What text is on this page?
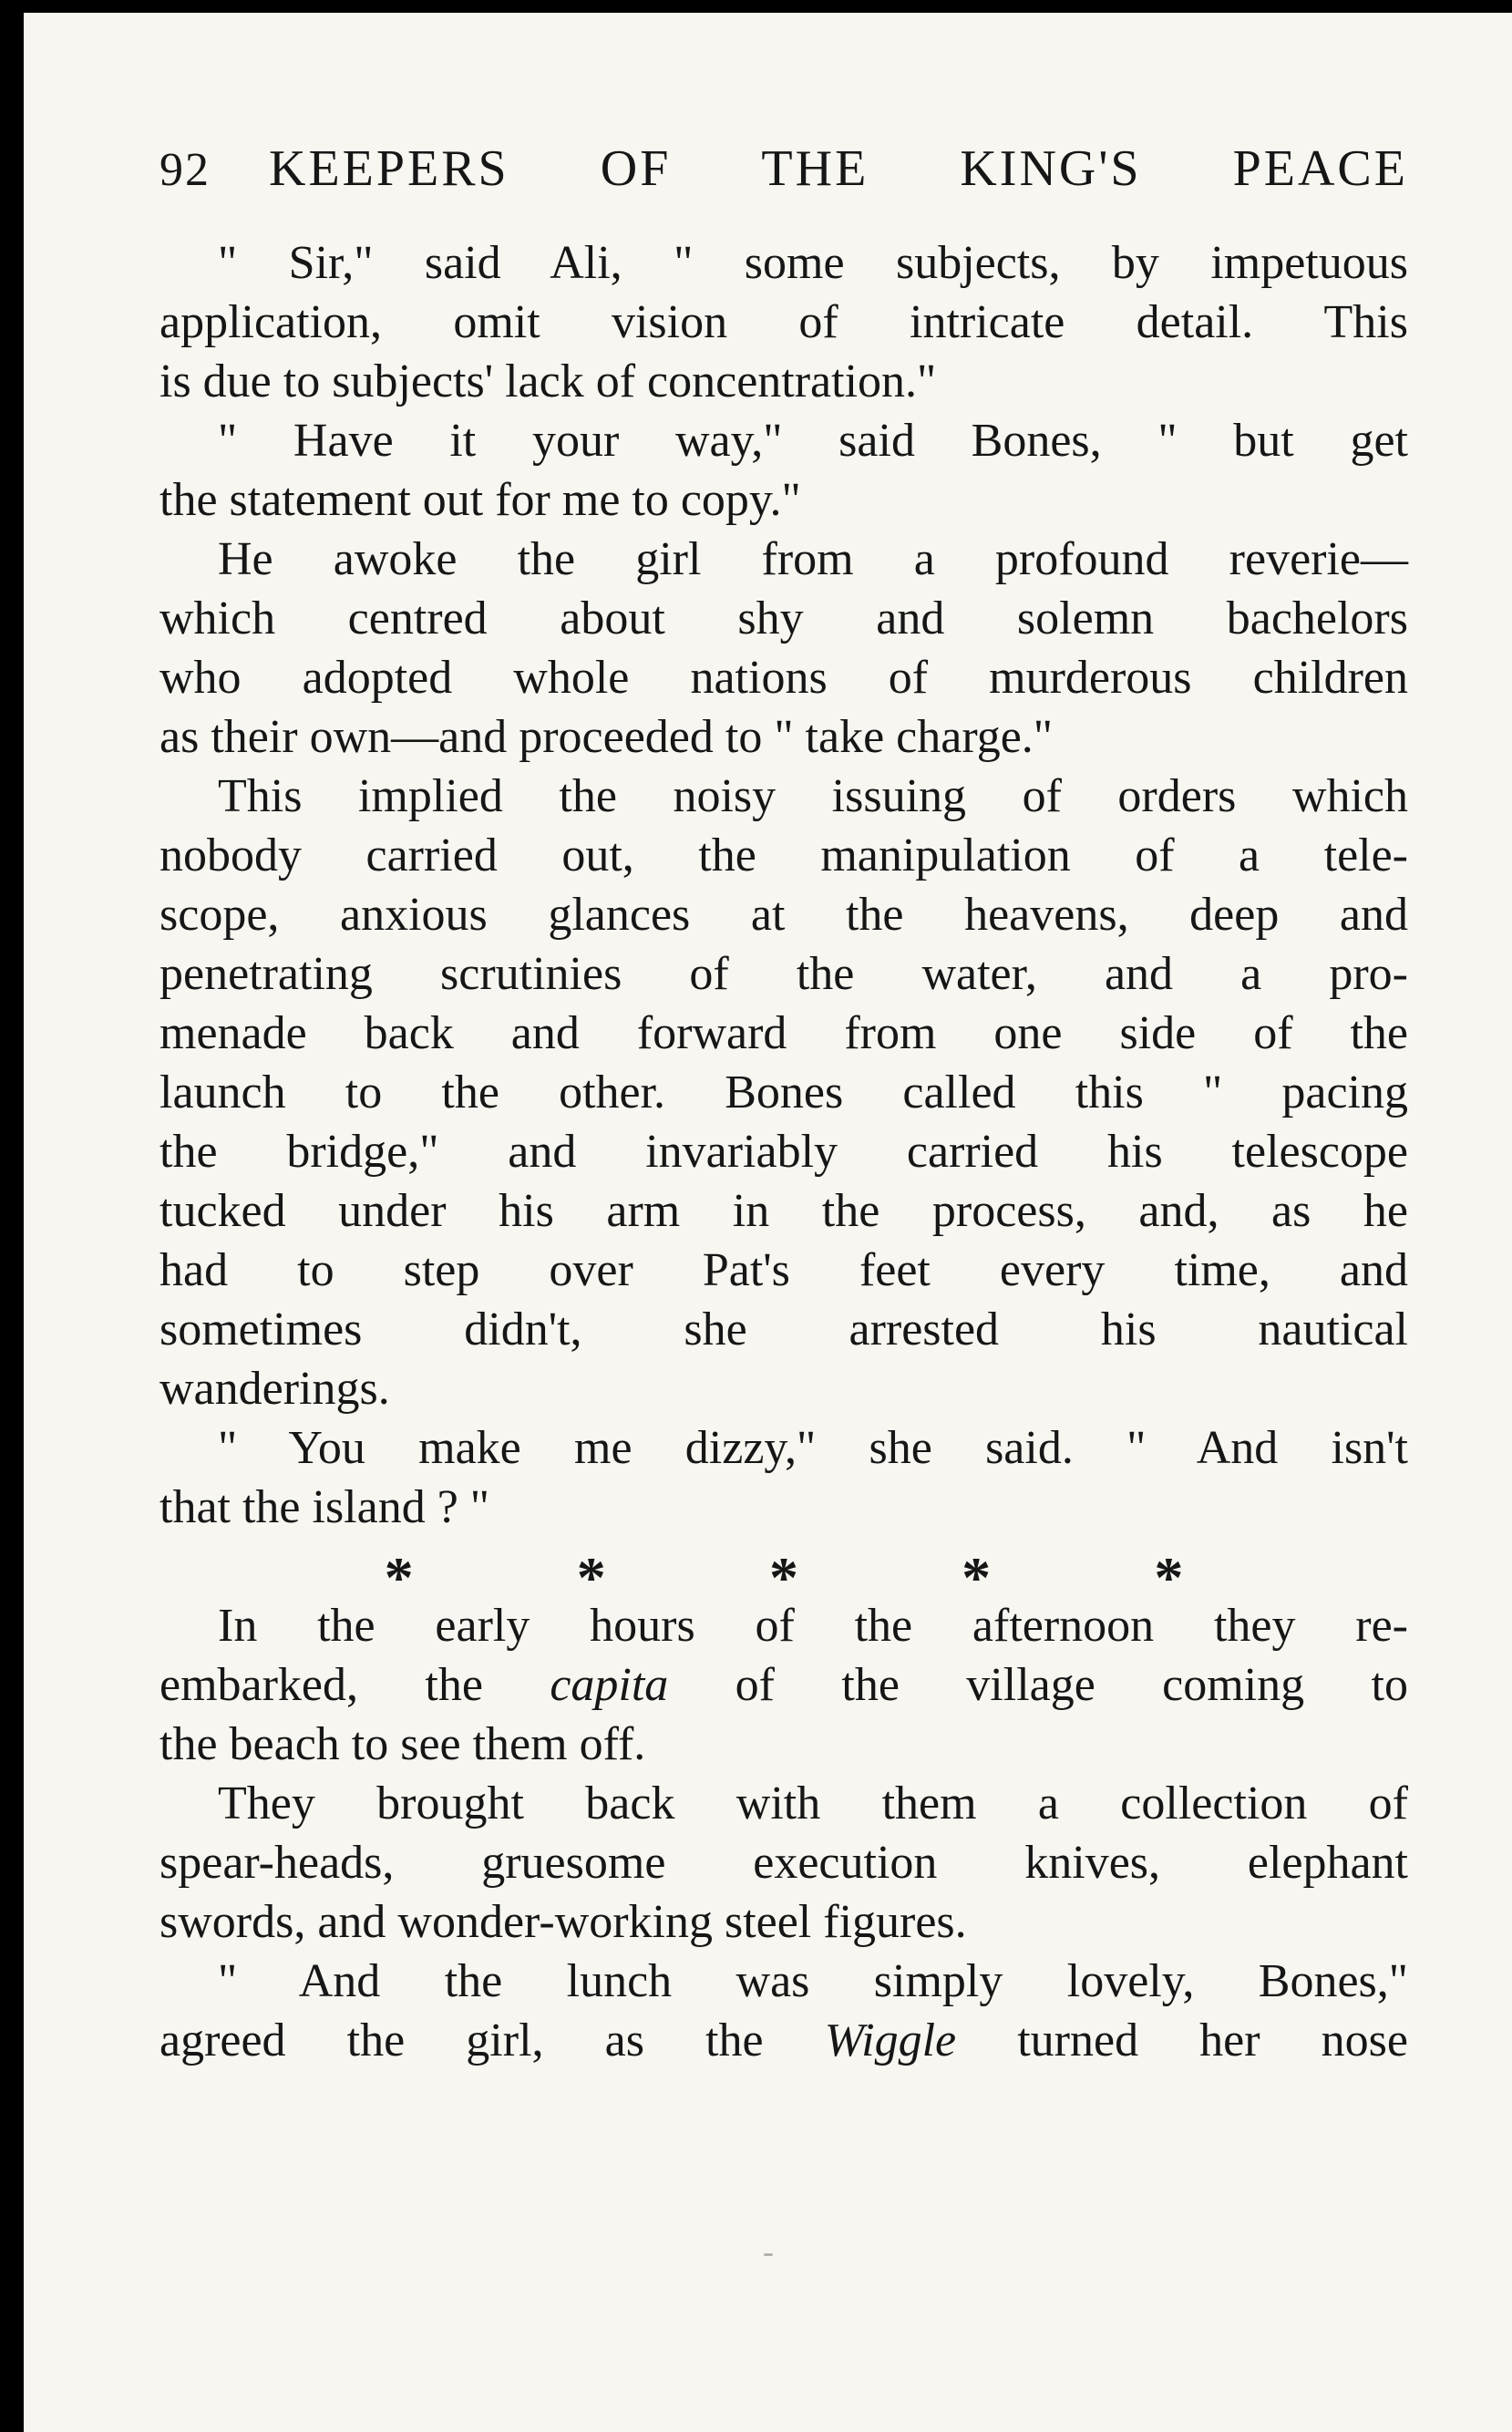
92 KEEPERS OF THE KING'S PEACE
" Sir," said Ali, " some subjects, by impetuous
application, omit vision of intricate detail. This
is due to subjects' lack of concentration."
" Have it your way," said Bones, " but get
the statement out for me to copy."
He awoke the girl from a profound reverie—
which centred about shy and solemn bachelors
who adopted whole nations of murderous children
as their own—and proceeded to " take charge."
This implied the noisy issuing of orders which
nobody carried out, the manipulation of a tele-
scope, anxious glances at the heavens, deep and
penetrating scrutinies of the water, and a pro-
menade back and forward from one side of the
launch to the other. Bones called this " pacing
the bridge," and invariably carried his telescope
tucked under his arm in the process, and, as he
had to step over Pat's feet every time, and
sometimes didn't, she arrested his nautical
wanderings.
" You make me dizzy," she said. " And isn't
that the island ? "
*	*	*	*	*
In the early hours of the afternoon they re-
embarked, the capita of the village coming to
the beach to see them off.
They brought back with them a collection of
spear-heads, gruesome execution knives, elephant
swords, and wonder-working steel figures.
" And the lunch was simply lovely, Bones,"
agreed the girl, as the Wiggle turned her nose
